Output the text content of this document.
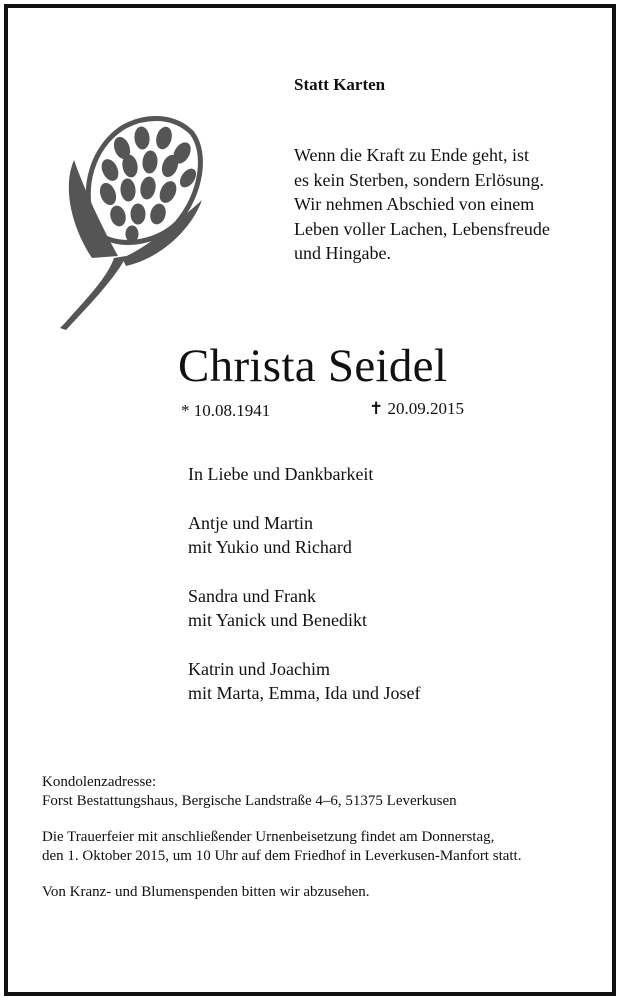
Statt Karten
Wenn die Kraft zu Ende geht, ist
es kein Sterben, sondern Erlösung.
Wir nehmen Abschied von einem
Leben voller Lachen, Lebensfreude
und Hingabe.
Christa Seidel
* 10.08.1941	✝ 20.09.2015
In Liebe und Dankbarkeit
Antje und Martin
mit Yukio und Richard
Sandra und Frank
mit Yanick und Benedikt
Katrin und Joachim
mit Marta, Emma, Ida und Josef
Kondolenzadresse:
Forst Bestattungshaus, Bergische Landstraße 4–6, 51375 Leverkusen
Die Trauerfeier mit anschließender Urnenbeisetzung findet am Donnerstag,
den 1. Oktober 2015, um 10 Uhr auf dem Friedhof in Leverkusen-Manfort statt.
Von Kranz- und Blumenspenden bitten wir abzusehen.
